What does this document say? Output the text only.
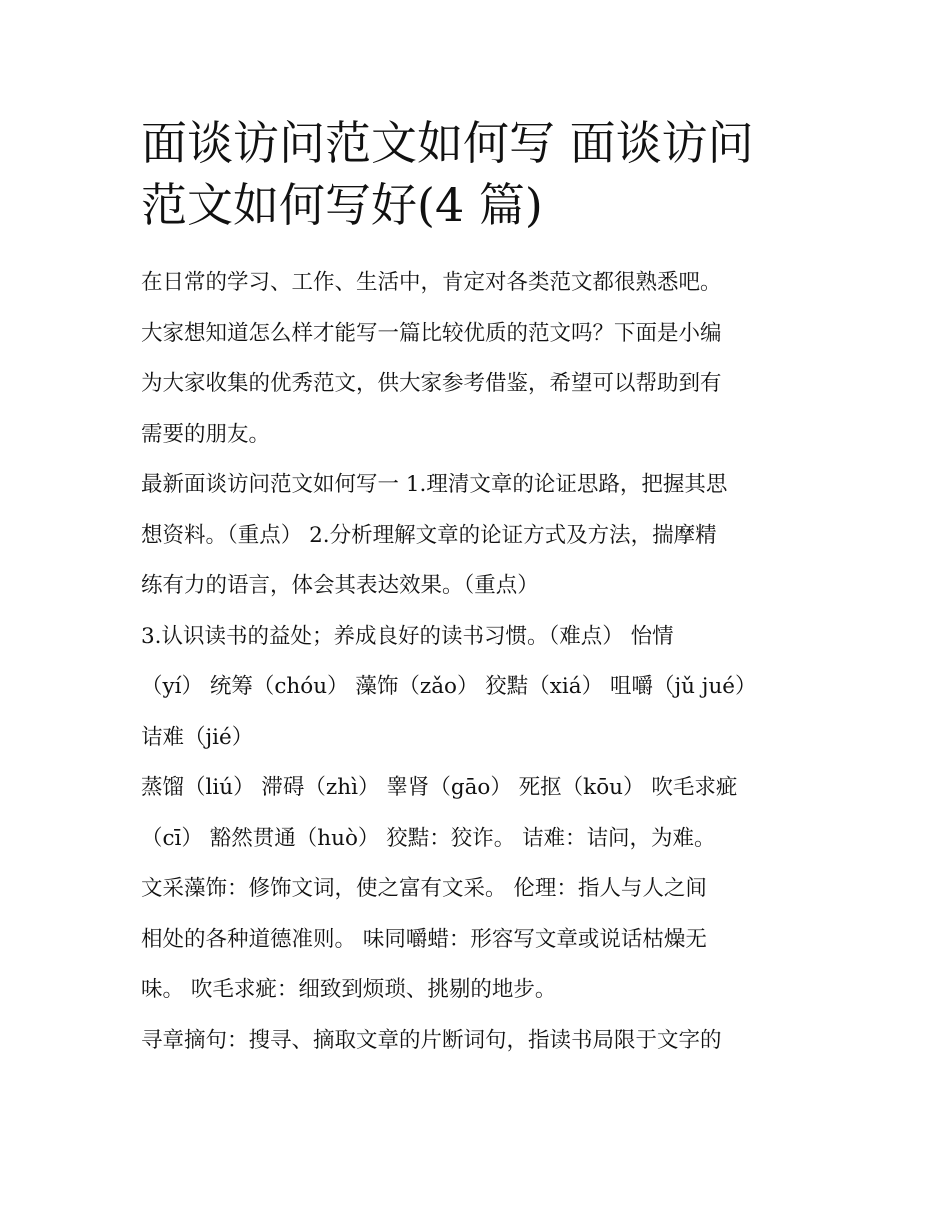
面谈访问范文如何写 面谈访问
范文如何写好(4 篇)

在日常的学习、工作、生活中，肯定对各类范文都很熟悉吧。
大家想知道怎么样才能写一篇比较优质的范文吗？下面是小编
为大家收集的优秀范文，供大家参考借鉴，希望可以帮助到有
需要的朋友。

最新面谈访问范文如何写一 1.理清文章的论证思路，把握其思
想资料。（重点） 2.分析理解文章的论证方式及方法，揣摩精
练有力的语言，体会其表达效果。（重点）

3.认识读书的益处；养成良好的读书习惯。（难点） 怡情
（yí） 统筹（chóu） 藻饰（zǎo） 狡黠（xiá） 咀嚼（jǔ jué）
诘难（jié）

蒸馏（liú） 滞碍（zhì） 睾肾（gāo） 死抠（kōu） 吹毛求疵
（cī） 豁然贯通（huò） 狡黠：狡诈。 诘难：诘问，为难。
文采藻饰：修饰文词，使之富有文采。 伦理：指人与人之间
相处的各种道德准则。 味同嚼蜡：形容写文章或说话枯燥无
味。 吹毛求疵：细致到烦琐、挑剔的地步。

寻章摘句：搜寻、摘取文章的片断词句，指读书局限于文字的
